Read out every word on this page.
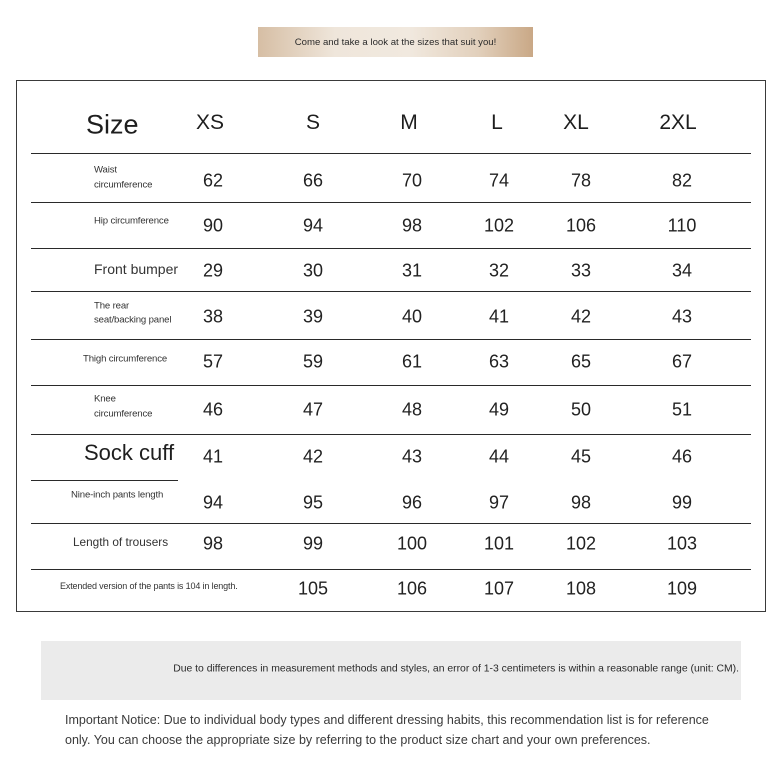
Come and take a look at the sizes that suit you!
Size	XS	S	M	L	XL	2XL
Waist
circumference	62	66	70	74	78	82
Hip circumference 90	94	98	102	106	110
Front bumper 29	30	31	32	33	34
The rear
seat/backing panel 38	39	40	41	42	43
Thigh circumference 57	59	61	63	65	67
Knee
circumference	46	47	48	49	50	51
Sock cuff 41	42	43	44	45	46
Nine-inch pants length 94	95	96	97	98	99
Length of trousers 98	99	100	101	102	103
Extended version of the pants is 104 in length.	105	106	107	108	109
Due to differences in measurement methods and styles, an error of 1-3 centimeters is within a reasonable range (unit: CM).
Important Notice: Due to individual body types and different dressing habits, this recommendation list is for reference only. You can choose the appropriate size by referring to the product size chart and your own preferences.
